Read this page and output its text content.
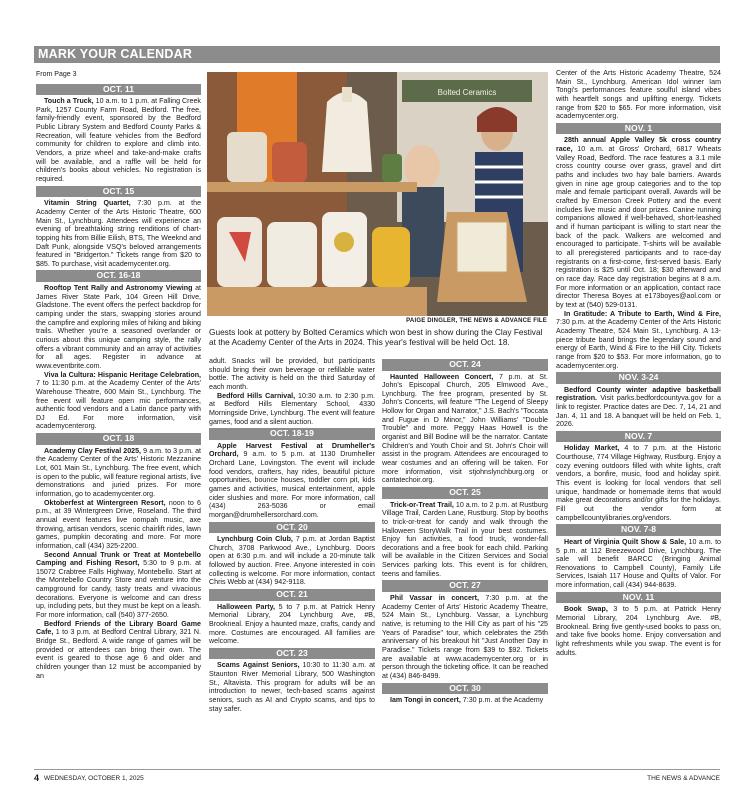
MARK YOUR CALENDAR

From Page 3

OCT. 11

Touch a Truck, 10 a.m. to 1 p.m. at Falling Creek Park, 1257 County Farm Road, Bedford. The free, family-friendly event, sponsored by the Bedford Public Library System and Bedford County Parks & Recreation, will feature vehicles from the Bedford community for children to explore and climb into. Vendors, a prize wheel and take-and-make crafts will be available, and a raffle will be held for children's books about vehicles. No registration is required.

OCT. 15

Vitamin String Quartet, 7:30 p.m. at the Academy Center of the Arts Historic Theatre, 600 Main St., Lynchburg. Attendees will experience an evening of breathtaking string renditions of chart-topping hits from Billie Eilish, BTS, The Weeknd and Daft Punk, alongside VSQ's beloved arrangements featured in "Bridgerton." Tickets range from $20 to $85. To purchase, visit academycenter.org.

OCT. 16-18

Rooftop Tent Rally and Astronomy Viewing at James River State Park, 104 Green Hill Drive, Gladstone. The event offers the perfect backdrop for camping under the stars, swapping stories around the campfire and exploring miles of hiking and biking trails. Whether you're a seasoned overlander or curious about this unique camping style, the rally offers a vibrant community and an array of activities for all ages. Register in advance at www.eventbrite.com.

Viva la Cultura: Hispanic Heritage Celebration, 7 to 11:30 p.m. at the Academy Center of the Arts' Warehouse Theatre, 600 Main St., Lynchburg. The free event will feature open mic performances, authentic food vendors and a Latin dance party with DJ Ed. For more information, visit academycenterorg.

OCT. 18

Academy Clay Festival 2025, 9 a.m. to 3 p.m. at the Academy Center of the Arts' Historic Mezzanine Lot, 601 Main St., Lynchburg. The free event, which is open to the public, will feature regional artists, live demonstrations and juried prizes. For more information, go to academycenter.org.

Oktoberfest at Wintergreen Resort, noon to 6 p.m., at 39 Wintergreen Drive, Roseland. The third annual event features live oompah music, axe throwing, artisan vendors, scenic chairlift rides, lawn games, pumpkin decorating and more. For more information, call (434) 325-2200.

Second Annual Trunk or Treat at Montebello Camping and Fishing Resort, 5:30 to 9 p.m. at 15072 Crabtree Falls Highway, Montebello. Start at the Montebello Country Store and venture into the campground for candy, tasty treats and vivacious decorations. Everyone is welcome and can dress up, including pets, but they must be kept on a leash. For more information, call (540) 377-2650.

Bedford Friends of the Library Board Game Cafe, 1 to 3 p.m. at Bedford Central Library, 321 N. Bridge St., Bedford. A wide range of games will be provided or attendees can bring their own. The event is geared to those age 6 and older and children younger than 12 must be accompanied by an

adult. Snacks will be provided, but participants should bring their own beverage or refillable water bottle. The activity is held on the third Saturday of each month.

Bedford Hills Carnival, 10:30 a.m. to 2:30 p.m. at Bedford Hills Elementary School, 4330 Morningside Drive, Lynchburg. The event will feature games, food and a silent auction.

OCT. 18-19

Apple Harvest Festival at Drumheller's Orchard, 9 a.m. to 5 p.m. at 1130 Drumheller Orchard Lane, Lovingston. The event will include food vendors, crafters, hay rides, beautiful picture opportunities, bounce houses, toddler corn pit, kids games and activities, musical entertainment, apple cider slushies and more. For more information, call (434) 263-5036 or email morgan@drumhellersorchard.com.

OCT. 20

Lynchburg Coin Club, 7 p.m. at Jordan Baptist Church, 3708 Parkwood Ave., Lynchburg. Doors open at 6:30 p.m. and will include a 20-minute talk followed by auction. Free. Anyone interested in coin collecting is welcome. For more information, contact Chris Webb at (434) 942-9118.

OCT. 21

Halloween Party, 5 to 7 p.m. at Patrick Henry Memorial Library, 204 Lynchburg Ave, #B, Brookneal. Enjoy a haunted maze, crafts, candy and more. Costumes are encouraged. All families are welcome.

OCT. 23

Scams Against Seniors, 10:30 to 11:30 a.m. at Staunton River Memorial Library, 500 Washington St., Altavista. This program for adults will be an introduction to newer, tech-based scams against seniors, such as AI and Crypto scams, and tips to stay safer.

OCT. 24

Haunted Halloween Concert, 7 p.m. at St. John's Episcopal Church, 205 Elmwood Ave., Lynchburg. The free program, presented by St. John's Concerts, will feature "The Legend of Sleepy Hollow for Organ and Narrator," J.S. Bach's "Toccata and Fugue in D Minor," John Williams' "Double Trouble" and more. Peggy Haas Howell is the organist and Bill Bodine will be the narrator. Cantate Children's and Youth Choir and St. John's Choir will assist in the program. Attendees are encouraged to wear costumes and an offering will be taken. For more information, visit stjohnslynchburg.org or cantatechoir.org.

OCT. 25

Trick-or-Treat Trail, 10 a.m. to 2 p.m. at Rustburg Village Trail, Carden Lane, Rustburg. Stop by booths to trick-or-treat for candy and walk through the Halloween StoryWalk Trail in your best costumes. Enjoy fun activities, a food truck, wonder-fall decorations and a free book for each child. Parking will be available in the Citizen Services and Social Services parking lots. This event is for children, teens and families.

OCT. 27

Phil Vassar in concert, 7:30 p.m. at the Academy Center of Arts' Historic Academy Theatre, 524 Main St., Lynchburg. Vassar, a Lynchburg native, is returning to the Hill City as part of his "25 Years of Paradise" tour, which celebrates the 25th anniversary of his breakout hit "Just Another Day in Paradise." Tickets range from $39 to $92. Tickets are available at www.academycenter.org or in person through the ticketing office. It can be reached at (434) 846-8499.

OCT. 30

Iam Tongi in concert, 7:30 p.m. at the Academy

Center of the Arts Historic Academy Theatre, 524 Main St., Lynchburg. American Idol winner Iam Tongi's performances feature soulful island vibes with heartfelt songs and uplifting energy. Tickets range from $20 to $65. For more information, visit academycenter.org.

NOV. 1

28th annual Apple Valley 5k cross country race, 10 a.m. at Gross' Orchard, 6817 Wheats Valley Road, Bedford. The race features a 3.1 mile cross country course over grass, gravel and dirt paths and includes two hay bale barriers. Awards given in nine age group categories and to the top male and female participant overall. Awards will be crafted by Emerson Creek Pottery and the event includes live music and door prizes. Canine running companions allowed if well-behaved, short-leashed and if human participant is willing to start near the back of the pack. Walkers are welcomed and encouraged to participate. T-shirts will be available to all preregistered participants and to race-day registrants on a first-come, first-served basis. Early registration is $25 until Oct. 18; $30 afterward and on race day. Race day registration begins at 8 a.m. For more information or an application, contact race director Theresa Boyes at e173boyes@aol.com or by text at (540) 529-0131.

In Gratitude: A Tribute to Earth, Wind & Fire, 7:30 p.m. at the Academy Center of the Arts Historic Academy Theatre, 524 Main St., Lynchburg. A 13-piece tribute band brings the legendary sound and energy of Earth, Wind & Fire to the Hill City. Tickets range from $20 to $53. For more information, go to academycenter.org.

NOV. 3-24

Bedford County winter adaptive basketball registration. Visit parks.bedfordcountyva.gov for a link to register. Practice dates are Dec. 7, 14, 21 and Jan. 4, 11 and 18. A banquet will be held on Feb. 1, 2026.

NOV. 7

Holiday Market, 4 to 7 p.m. at the Historic Courthouse, 774 Village Highway, Rustburg. Enjoy a cozy evening outdoors filled with white lights, craft vendors, a bonfire, music, food and holiday spirit. This event is looking for local vendors that sell unique, handmade or homemade items that would make great decorations and/or gifts for the holidays. Fill out the vendor form at campbellcountylibraries.org/vendors.

NOV. 7-8

Heart of Virginia Quilt Show & Sale, 10 a.m. to 5 p.m. at 112 Breezewood Drive, Lynchburg. The sale will benefit BARCC (Bringing Animal Renovations to Campbell County), Family Life Services, Isaiah 117 House and Quilts of Valor. For more information, call (434) 944-8639.

NOV. 11

Book Swap, 3 to 5 p.m. at Patrick Henry Memorial Library, 204 Lynchburg Ave. #B, Brookneal. Bring five gently-used books to pass on, and take five books home. Enjoy conversation and light refreshments while you swap. The event is for adults.

Bolted Ceramics
PAIGE DINGLER, THE NEWS & ADVANCE FILE
Guests look at pottery by Bolted Ceramics which won best in show during the Clay Festival at the Academy Center of the Arts in 2024. This year's festival will be held Oct. 18.
4 WEDNESDAY, OCTOBER 1, 2025	THE NEWS & ADVANCE
